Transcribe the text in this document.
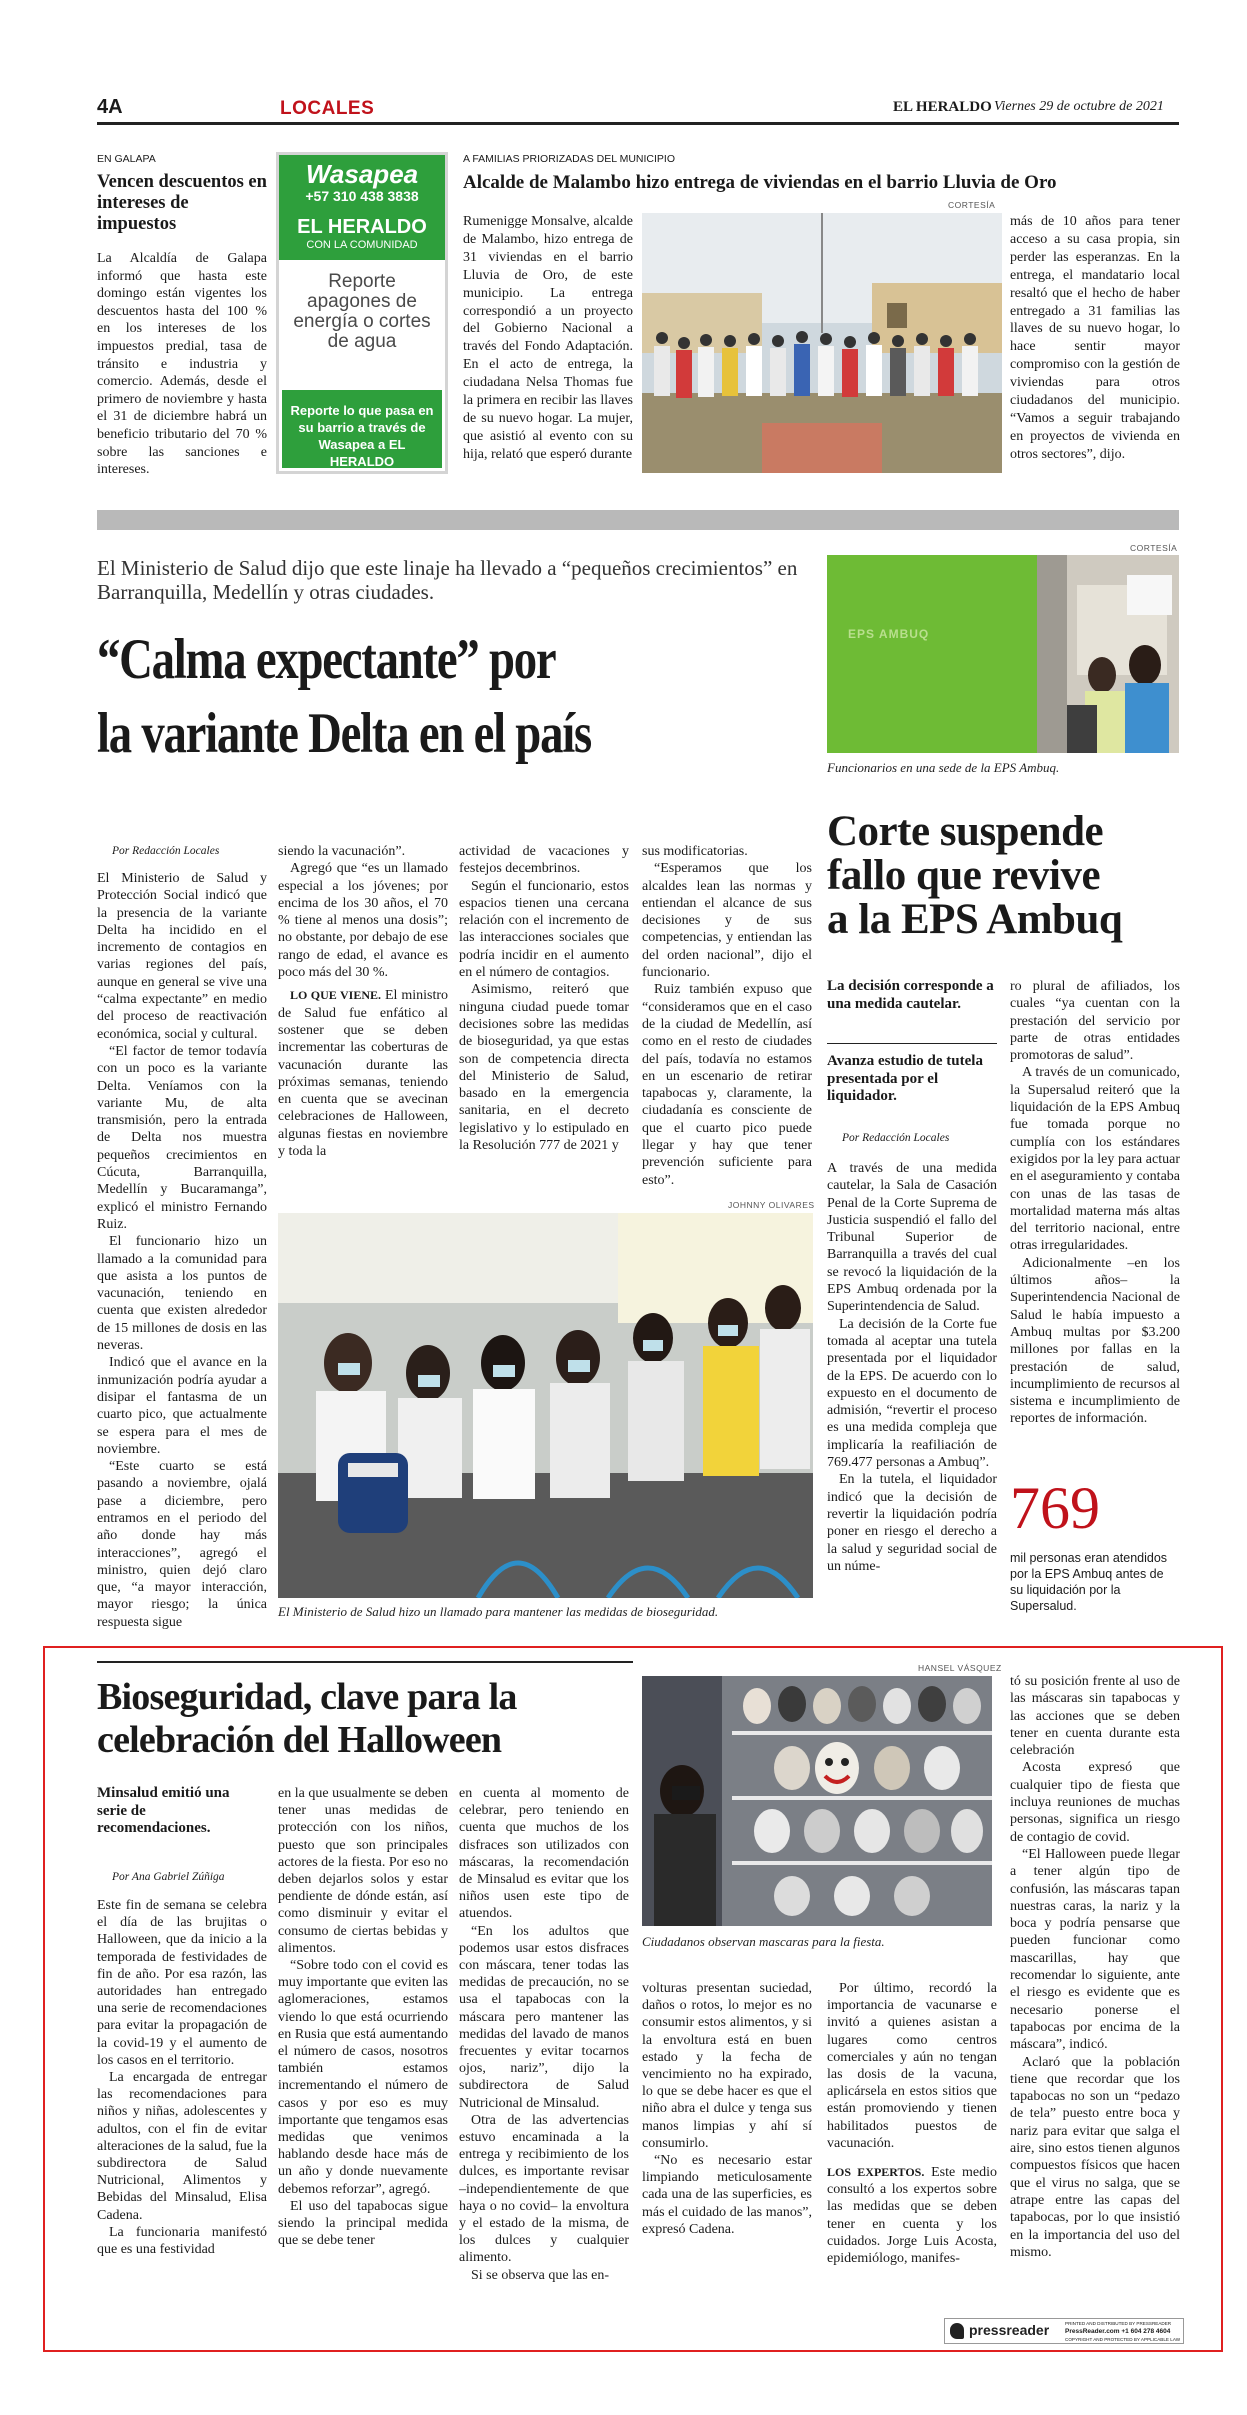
4A	LOCALES	EL HERALDO Viernes 29 de octubre de 2021
EN GALAPA
Vencen descuentos en intereses de impuestos
La Alcaldía de Galapa informó que hasta este domingo están vigentes los descuentos hasta del 100 % en los intereses de los impuestos predial, tasa de tránsito e industria y comercio. Además, desde el primero de noviembre y hasta el 31 de diciembre habrá un beneficio tributario del 70 % sobre las sanciones e intereses.
Wasapea
+57 310 438 3838
EL HERALDO
CON LA COMUNIDAD
Reporte apagones de energía o cortes de agua
Reporte lo que pasa en su barrio a través de Wasapea a EL HERALDO
A FAMILIAS PRIORIZADAS DEL MUNICIPIO
Alcalde de Malambo hizo entrega de viviendas en el barrio Lluvia de Oro
CORTESÍA
Rumenigge Monsalve, alcalde de Malambo, hizo entrega de 31 viviendas en el barrio Lluvia de Oro, de este municipio. La entrega correspondió a un proyecto del Gobierno Nacional a través del Fondo Adaptación. En el acto de entrega, la ciudadana Nelsa Thomas fue la primera en recibir las llaves de su nuevo hogar. La mujer, que asistió al evento con su hija, relató que esperó durante
más de 10 años para tener acceso a su casa propia, sin perder las esperanzas. En la entrega, el mandatario local resaltó que el hecho de haber entregado a 31 familias las llaves de su nuevo hogar, lo hace sentir mayor compromiso con la gestión de viviendas para otros ciudadanos del municipio. “Vamos a seguir trabajando en proyectos de vivienda en otros sectores”, dijo.
El Ministerio de Salud dijo que este linaje ha llevado a “pequeños crecimientos” en Barranquilla, Medellín y otras ciudades.
“Calma expectante” por
la variante Delta en el país
Por Redacción Locales

El Ministerio de Salud y Protección Social indicó que la presencia de la variante Delta ha incidido en el incremento de contagios en varias regiones del país, aunque en general se vive una “calma expectante” en medio del proceso de reactivación económica, social y cultural.

“El factor de temor todavía con un poco es la variante Delta. Veníamos con la variante Mu, de alta transmisión, pero la entrada de Delta nos muestra pequeños crecimientos en Cúcuta, Barranquilla, Medellín y Bucaramanga”, explicó el ministro Fernando Ruiz.

El funcionario hizo un llamado a la comunidad para que asista a los puntos de vacunación, teniendo en cuenta que existen alrededor de 15 millones de dosis en las neveras.

Indicó que el avance en la inmunización podría ayudar a disipar el fantasma de un cuarto pico, que actualmente se espera para el mes de noviembre.

“Este cuarto se está pasando a noviembre, ojalá pase a diciembre, pero entramos en el periodo del año donde hay más interacciones”, agregó el ministro, quien dejó claro que, “a mayor interacción, mayor riesgo; la única respuesta sigue

siendo la vacunación”.

Agregó que “es un llamado especial a los jóvenes; por encima de los 30 años, el 70 % tiene al menos una dosis”; no obstante, por debajo de ese rango de edad, el avance es poco más del 30 %.

LO QUE VIENE. El ministro de Salud fue enfático al sostener que se deben incrementar las coberturas de vacunación durante las próximas semanas, teniendo en cuenta que se avecinan celebraciones de Halloween, algunas fiestas en noviembre y toda la

actividad de vacaciones y festejos decembrinos.

Según el funcionario, estos espacios tienen una cercana relación con el incremento de las interacciones sociales que podría incidir en el aumento en el número de contagios.

Asimismo, reiteró que ninguna ciudad puede tomar decisiones sobre las medidas de bioseguridad, ya que estas son de competencia directa del Ministerio de Salud, basado en la emergencia sanitaria, en el decreto legislativo y lo estipulado en la Resolución 777 de 2021 y

sus modificatorias.

“Esperamos que los alcaldes lean las normas y entiendan el alcance de sus decisiones y de sus competencias, y entiendan las del orden nacional”, dijo el funcionario.

Ruiz también expuso que “consideramos que en el caso de la ciudad de Medellín, así como en el resto de ciudades del país, todavía no estamos en un escenario de retirar tapabocas y, claramente, la ciudadanía es consciente de que el cuarto pico puede llegar y hay que tener prevención suficiente para esto”.

JOHNNY OLIVARES
El Ministerio de Salud hizo un llamado para mantener las medidas de bioseguridad.
CORTESÍA
EPS AMBUQ
Funcionarios en una sede de la EPS Ambuq.
Corte suspende fallo que revive a la EPS Ambuq
La decisión corresponde a una medida cautelar.
Avanza estudio de tutela presentada por el liquidador.
Por Redacción Locales

A través de una medida cautelar, la Sala de Casación Penal de la Corte Suprema de Justicia suspendió el fallo del Tribunal Superior de Barranquilla a través del cual se revocó la liquidación de la EPS Ambuq ordenada por la Superintendencia de Salud.

La decisión de la Corte fue tomada al aceptar una tutela presentada por el liquidador de la EPS. De acuerdo con lo expuesto en el documento de admisión, “revertir el proceso es una medida compleja que implicaría la reafiliación de 769.477 personas a Ambuq”.

En la tutela, el liquidador indicó que la decisión de revertir la liquidación podría poner en riesgo el derecho a la salud y seguridad social de un núme-

ro plural de afiliados, los cuales “ya cuentan con la prestación del servicio por parte de otras entidades promotoras de salud”.

A través de un comunicado, la Supersalud reiteró que la liquidación de la EPS Ambuq fue tomada porque no cumplía con los estándares exigidos por la ley para actuar en el aseguramiento y contaba con unas de las tasas de mortalidad materna más altas del territorio nacional, entre otras irregularidades.

Adicionalmente –en los últimos años– la Superintendencia Nacional de Salud le había impuesto a Ambuq multas por $3.200 millones por fallas en la prestación de salud, incumplimiento de recursos al sistema e incumplimiento de reportes de información.

769
mil personas eran atendidos por la EPS Ambuq antes de su liquidación por la Supersalud.
Bioseguridad, clave para la celebración del Halloween
Minsalud emitió una serie de recomendaciones.
Por Ana Gabriel Zúñiga

Este fin de semana se celebra el día de las brujitas o Halloween, que da inicio a la temporada de festividades de fin de año. Por esa razón, las autoridades han entregado una serie de recomendaciones para evitar la propagación de la covid-19 y el aumento de los casos en el territorio.

La encargada de entregar las recomendaciones para niños y niñas, adolescentes y adultos, con el fin de evitar alteraciones de la salud, fue la subdirectora de Salud Nutricional, Alimentos y Bebidas del Minsalud, Elisa Cadena.

La funcionaria manifestó que es una festividad

en la que usualmente se deben tener unas medidas de protección con los niños, puesto que son principales actores de la fiesta. Por eso no deben dejarlos solos y estar pendiente de dónde están, así como disminuir y evitar el consumo de ciertas bebidas y alimentos.

“Sobre todo con el covid es muy importante que eviten las aglomeraciones, estamos viendo lo que está ocurriendo en Rusia que está aumentando el número de casos, nosotros también estamos incrementando el número de casos y por eso es muy importante que tengamos esas medidas que venimos hablando desde hace más de un año y donde nuevamente debemos reforzar”, agregó.

El uso del tapabocas sigue siendo la principal medida que se debe tener

en cuenta al momento de celebrar, pero teniendo en cuenta que muchos de los disfraces son utilizados con máscaras, la recomendación de Minsalud es evitar que los niños usen este tipo de atuendos.

“En los adultos que podemos usar estos disfraces con máscara, tener todas las medidas de precaución, no se usa el tapabocas con la máscara pero mantener las medidas del lavado de manos frecuentes y evitar tocarnos ojos, nariz”, dijo la subdirectora de Salud Nutricional de Minsalud.

Otra de las advertencias estuvo encaminada a la entrega y recibimiento de los dulces, es importante revisar –independientemente de que haya o no covid– la envoltura y el estado de la misma, de los dulces y cualquier alimento.

Si se observa que las en-

HANSEL VÁSQUEZ
Ciudadanos observan mascaras para la fiesta.

volturas presentan suciedad, daños o rotos, lo mejor es no consumir estos alimentos, y si la envoltura está en buen estado y la fecha de vencimiento no ha expirado, lo que se debe hacer es que el niño abra el dulce y tenga sus manos limpias y ahí sí consumirlo.

“No es necesario estar limpiando meticulosamente cada una de las superficies, es más el cuidado de las manos”, expresó Cadena.

Por último, recordó la importancia de vacunarse e invitó a quienes asistan a lugares como centros comerciales y aún no tengan las dosis de la vacuna, aplicársela en estos sitios que están promoviendo y tienen habilitados puestos de vacunación.

LOS EXPERTOS. Este medio consultó a los expertos sobre las medidas que se deben tener en cuenta y los cuidados. Jorge Luis Acosta, epidemiólogo, manifes-

tó su posición frente al uso de las máscaras sin tapabocas y las acciones que se deben tener en cuenta durante esta celebración

Acosta expresó que cualquier tipo de fiesta que incluya reuniones de muchas personas, significa un riesgo de contagio de covid.

“El Halloween puede llegar a tener algún tipo de confusión, las máscaras tapan nuestras caras, la nariz y la boca y podría pensarse que pueden funcionar como mascarillas, hay que recomendar lo siguiente, ante el riesgo es evidente que es necesario ponerse el tapabocas por encima de la máscara”, indicó.

Aclaró que la población tiene que recordar que los tapabocas no son un “pedazo de tela” puesto entre boca y nariz para evitar que salga el aire, sino estos tienen algunos compuestos físicos que hacen que el virus no salga, que se atrape entre las capas del tapabocas, por lo que insistió en la importancia del uso del mismo.

pressreader	PRINTED AND DISTRIBUTED BY PRESSREADER
PressReader.com +1 604 278 4604
COPYRIGHT AND PROTECTED BY APPLICABLE LAW
